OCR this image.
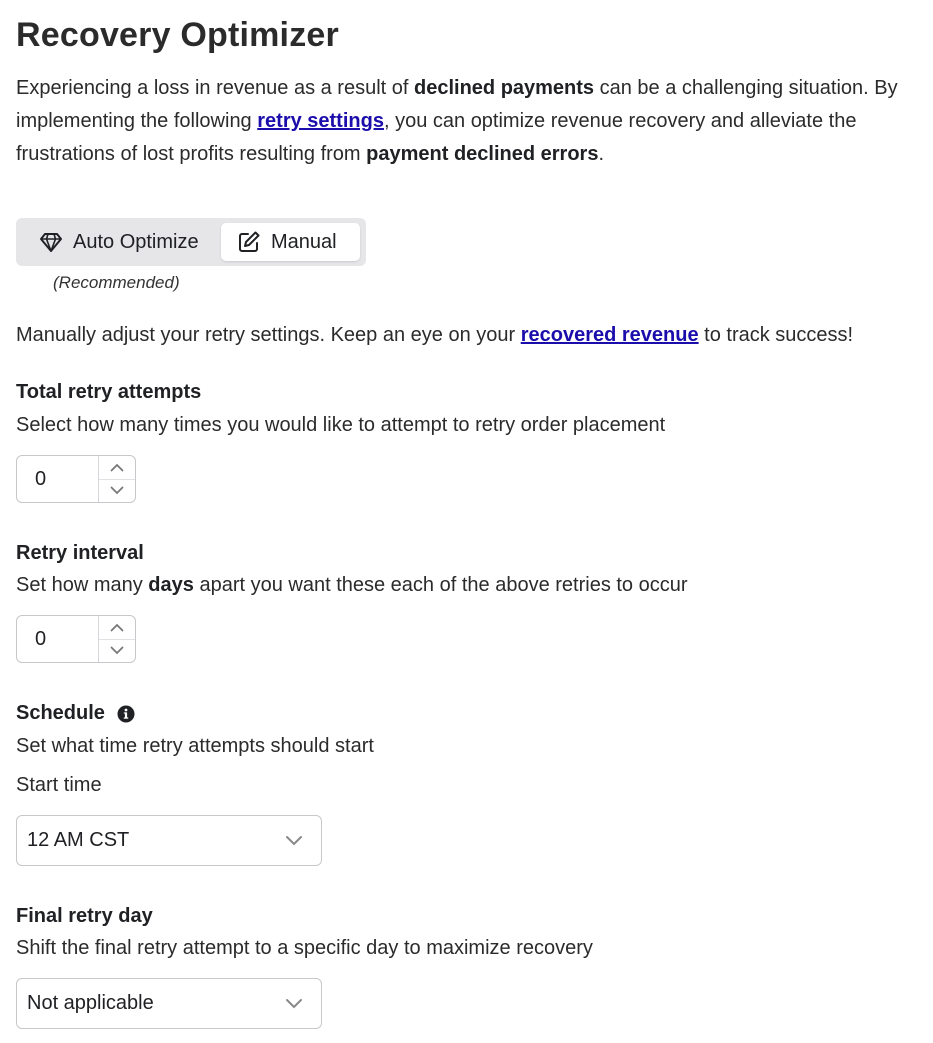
Recovery Optimizer

Experiencing a loss in revenue as a result of declined payments can be a challenging situation. By implementing the following retry settings, you can optimize revenue recovery and alleviate the frustrations of lost profits resulting from payment declined errors.

Auto Optimize	Manual
(Recommended)

Manually adjust your retry settings. Keep an eye on your recovered revenue to track success!

Total retry attempts

Select how many times you would like to attempt to retry order placement

0
Retry interval

Set how many days apart you want these each of the above retries to occur

0
Schedule

Set what time retry attempts should start

Start time

12 AM CST
Final retry day

Shift the final retry attempt to a specific day to maximize recovery

Not applicable
